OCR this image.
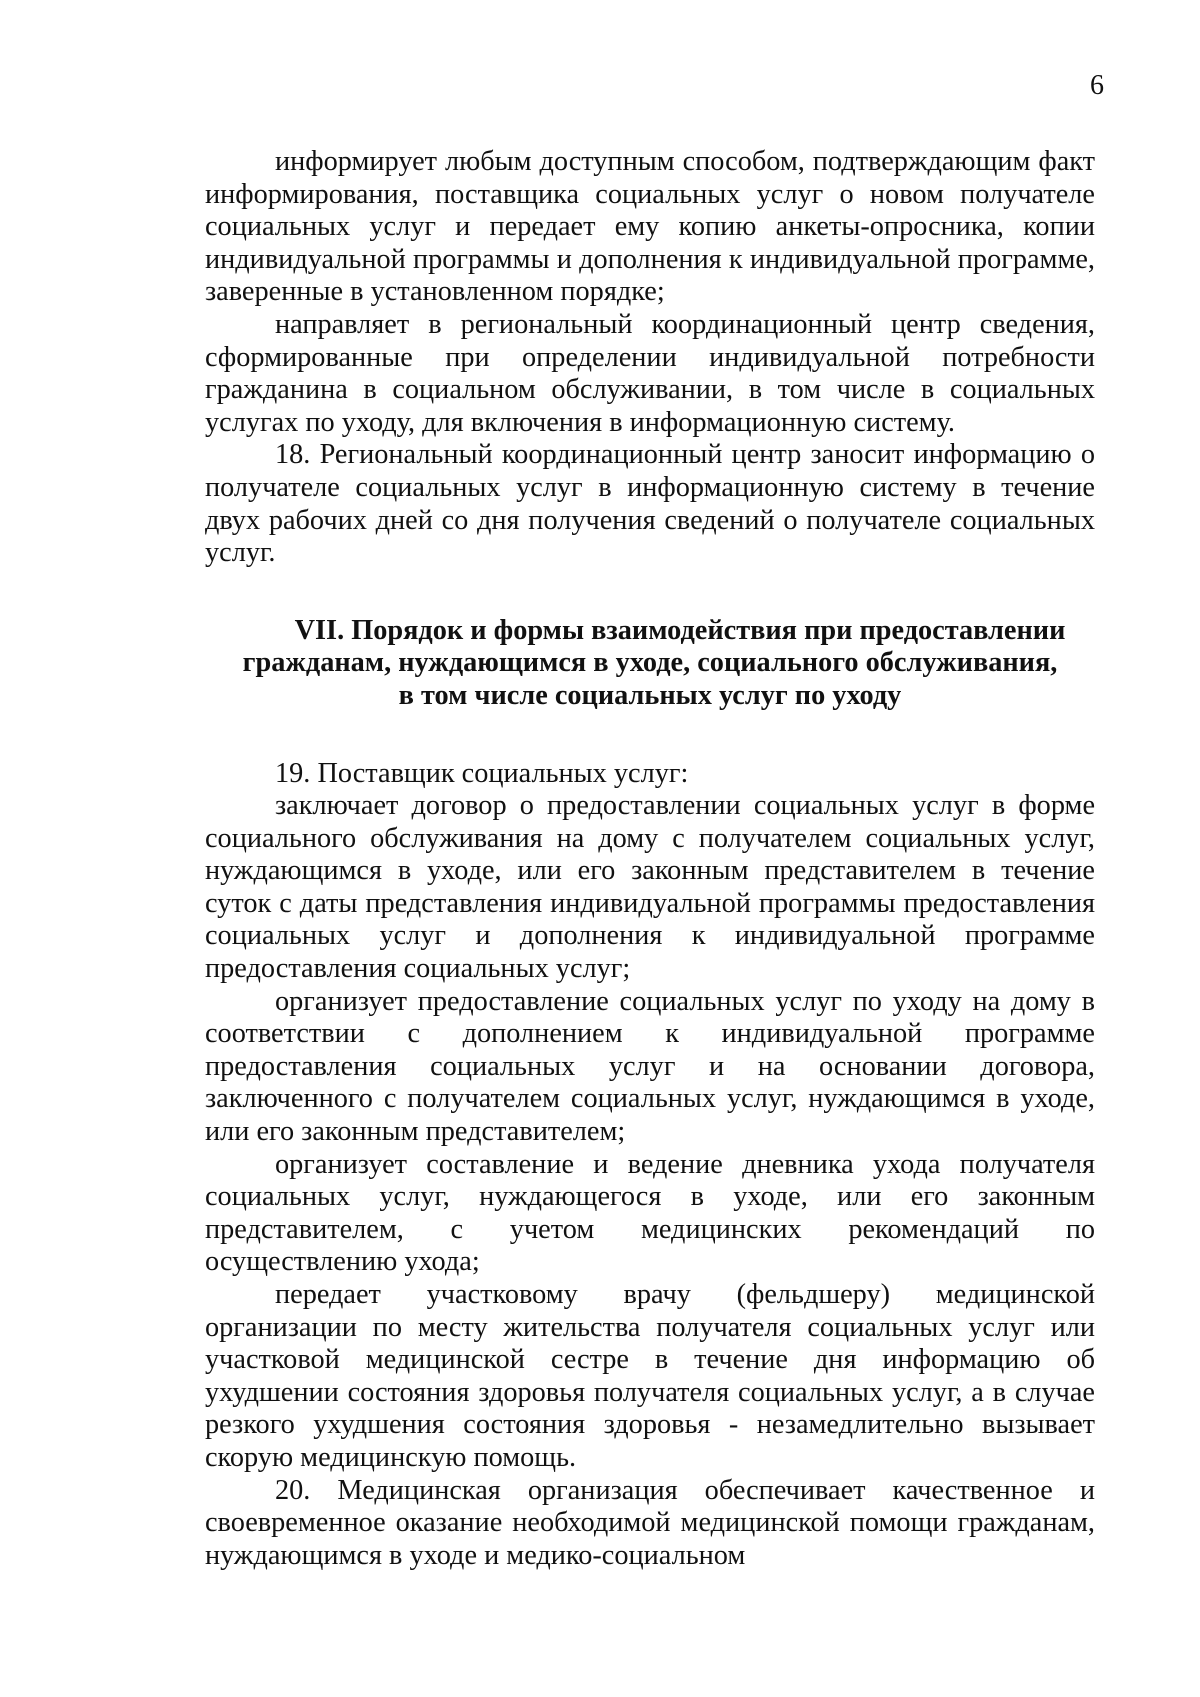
6

информирует любым доступным способом, подтверждающим факт информирования, поставщика социальных услуг о новом получателе социальных услуг и передает ему копию анкеты-опросника, копии индивидуальной программы и дополнения к индивидуальной программе, заверенные в установленном порядке;

направляет в региональный координационный центр сведения, сформированные при определении индивидуальной потребности гражданина в социальном обслуживании, в том числе в социальных услугах по уходу, для включения в информационную систему.

18. Региональный координационный центр заносит информацию о получателе социальных услуг в информационную систему в течение двух рабочих дней со дня получения сведений о получателе социальных услуг.

VII. Порядок и формы взаимодействия при предоставлении
гражданам, нуждающимся в уходе, социального обслуживания,
в том числе социальных услуг по уходу

19. Поставщик социальных услуг:

заключает договор о предоставлении социальных услуг в форме социального обслуживания на дому с получателем социальных услуг, нуждающимся в уходе, или его законным представителем в течение суток с даты представления индивидуальной программы предоставления социальных услуг и дополнения к индивидуальной программе предоставления социальных услуг;

организует предоставление социальных услуг по уходу на дому в соответствии с дополнением к индивидуальной программе предоставления социальных услуг и на основании договора, заключенного с получателем социальных услуг, нуждающимся в уходе, или его законным представителем;

организует составление и ведение дневника ухода получателя социальных услуг, нуждающегося в уходе, или его законным представителем, с учетом медицинских рекомендаций по осуществлению ухода;

передает участковому врачу (фельдшеру) медицинской организации по месту жительства получателя социальных услуг или участковой медицинской сестре в течение дня информацию об ухудшении состояния здоровья получателя социальных услуг, а в случае резкого ухудшения состояния здоровья - незамедлительно вызывает скорую медицинскую помощь.

20. Медицинская организация обеспечивает качественное и своевременное оказание необходимой медицинской помощи гражданам, нуждающимся в уходе и медико-социальном
